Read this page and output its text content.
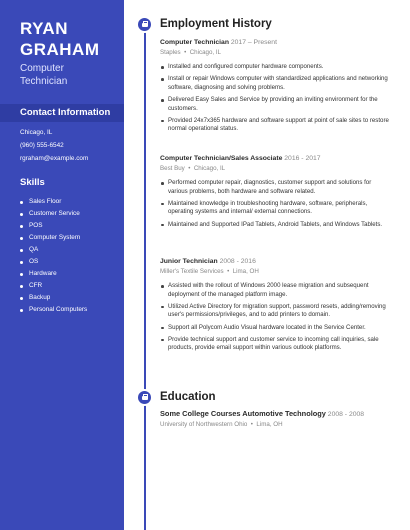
RYAN
GRAHAM
Computer
Technician
Contact Information
Chicago, IL
(960) 555-6542
rgraham@example.com
Skills
Sales Floor
Customer Service
POS
Computer System
QA
OS
Hardware
CFR
Backup
Personal Computers
Employment History
Computer Technician 2017 – Present
Staples  •  Chicago, IL
Installed and configured computer hardware components.
Install or repair Windows computer with standardized applications and networking software, diagnosing and solving problems.
Delivered Easy Sales and Service by providing an inviting environment for the customers.
Provided 24x7x365 hardware and software support at point of sale sites to restore normal operational status.
Computer Technician/Sales Associate 2016 - 2017
Best Buy  •  Chicago, IL
Performed computer repair, diagnostics, customer support and solutions for various problems, both hardware and software related.
Maintained knowledge in troubleshooting hardware, software, peripherals, operating systems and internal/ external connections.
Maintained and Supported IPad Tablets, Android Tablets, and Windows Tablets.
Junior Technician 2008 - 2016
Miller's Textile Services  •  Lima, OH
Assisted with the rollout of Windows 2000 lease migration and subsequent deployment of the managed platform image.
Utilized Active Directory for migration support, password resets, adding/removing user's permissions/privileges, and to add printers to domain.
Support all Polycom Audio Visual hardware located in the Service Center.
Provide technical support and customer service to incoming call inquiries, sale products, provide email support within various outlook platforms.
Education
Some College Courses Automotive Technology 2008 - 2008
University of Northwestern Ohio  •  Lima, OH
